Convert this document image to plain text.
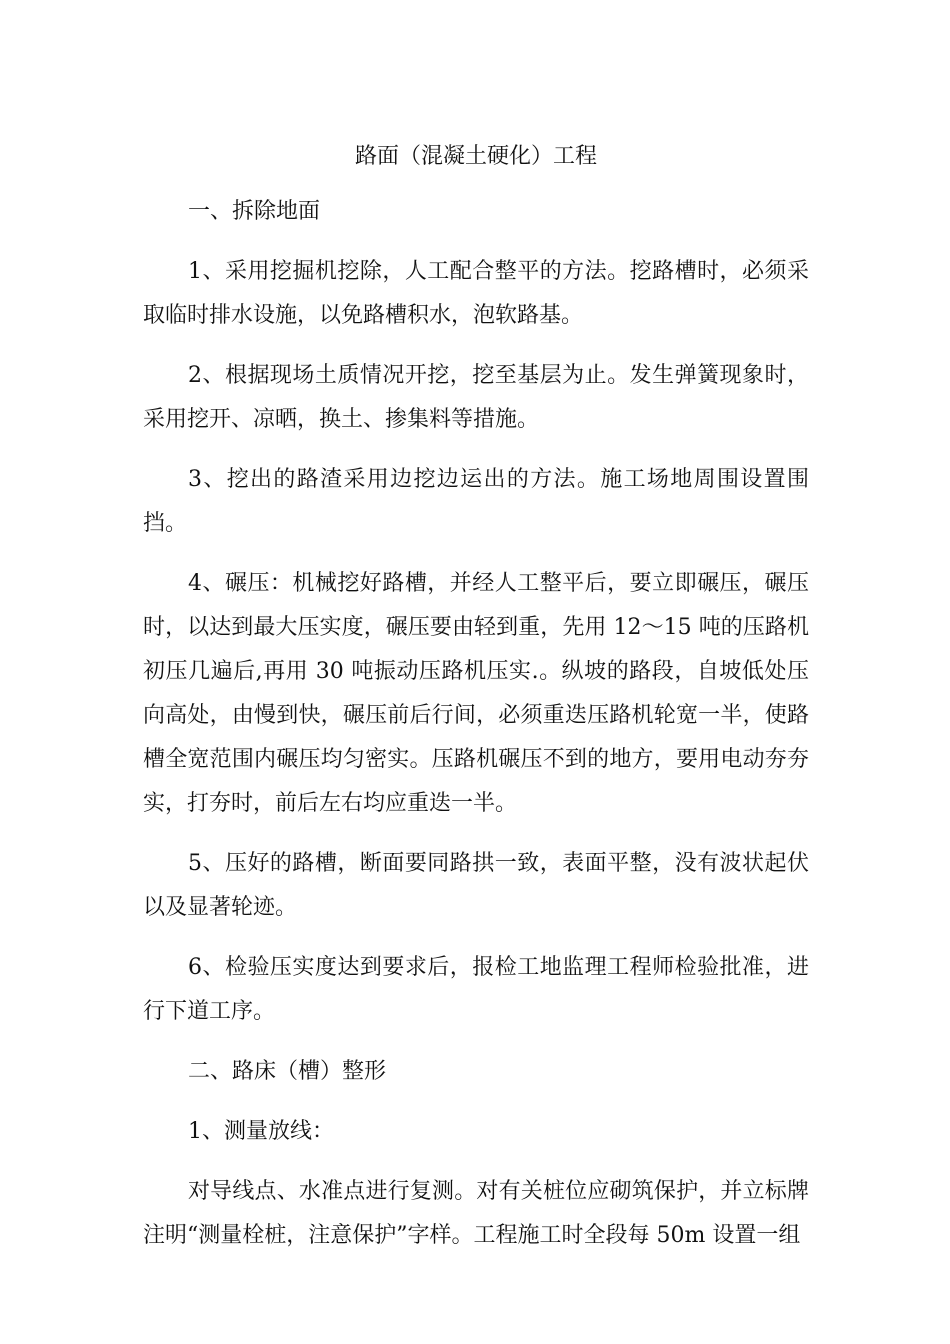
路面（混凝土硬化）工程

一、拆除地面

1、采用挖掘机挖除，人工配合整平的方法。挖路槽时，必须采取临时排水设施，以免路槽积水，泡软路基。

2、根据现场土质情况开挖，挖至基层为止。发生弹簧现象时，采用挖开、凉晒，换土、掺集料等措施。

3、挖出的路渣采用边挖边运出的方法。施工场地周围设置围挡。

4、碾压：机械挖好路槽，并经人工整平后，要立即碾压，碾压时，以达到最大压实度，碾压要由轻到重，先用 12～15 吨的压路机初压几遍后,再用 30 吨振动压路机压实.。纵坡的路段，自坡低处压向高处，由慢到快，碾压前后行间，必须重迭压路机轮宽一半，使路槽全宽范围内碾压均匀密实。压路机碾压不到的地方，要用电动夯夯实，打夯时，前后左右均应重迭一半。

5、压好的路槽，断面要同路拱一致，表面平整，没有波状起伏以及显著轮迹。

6、检验压实度达到要求后，报检工地监理工程师检验批准，进行下道工序。

二、路床（槽）整形

1、测量放线：

对导线点、水准点进行复测。对有关桩位应砌筑保护，并立标牌注明“测量栓桩，注意保护”字样。工程施工时全段每 50m 设置一组
